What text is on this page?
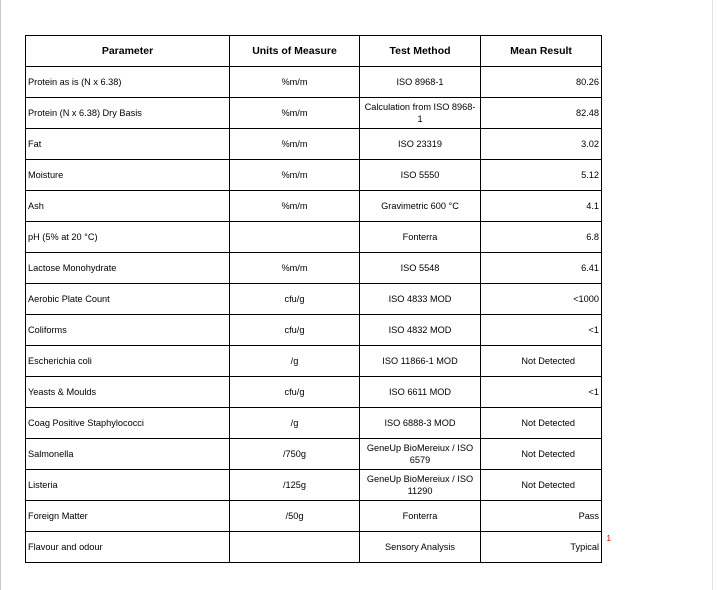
Parameter	Units of Measure	Test Method	Mean Result
Protein as is (N x 6.38)	%m/m	ISO 8968-1	80.26
Protein (N x 6.38) Dry Basis	%m/m	Calculation from ISO 8968-1	82.48
Fat	%m/m	ISO 23319	3.02
Moisture	%m/m	ISO 5550	5.12
Ash	%m/m	Gravimetric 600 °C	4.1
pH (5% at 20 °C)		Fonterra	6.8
Lactose Monohydrate	%m/m	ISO 5548	6.41
Aerobic Plate Count	cfu/g	ISO 4833 MOD	<1000
Coliforms	cfu/g	ISO 4832 MOD	<1
Escherichia coli	/g	ISO 11866-1 MOD	Not Detected
Yeasts & Moulds	cfu/g	ISO 6611 MOD	<1
Coag Positive Staphylococci	/g	ISO 6888-3 MOD	Not Detected
Salmonella	/750g	GeneUp BioMereiux / ISO 6579	Not Detected
Listeria	/125g	GeneUp BioMereiux / ISO 11290	Not Detected
Foreign Matter	/50g	Fonterra	Pass
Flavour and odour		Sensory Analysis	Typical
1
